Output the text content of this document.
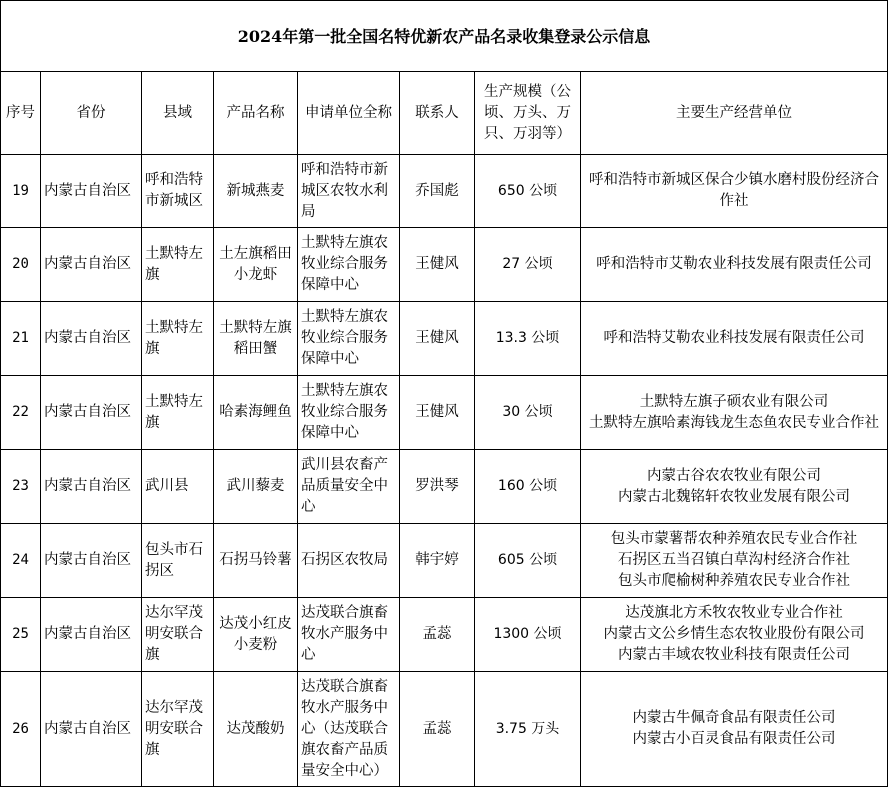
2024年第一批全国名特优新农产品名录收集登录公示信息							
序号	省份	县域	产品名称	申请单位全称	联系人	生产规模（公顷、万头、万只、万羽等）	主要生产经营单位
19	内蒙古自治区	呼和浩特市新城区	新城燕麦	呼和浩特市新城区农牧水利局	乔国彪	650 公顷	呼和浩特市新城区保合少镇水磨村股份经济合作社

20	内蒙古自治区	土默特左旗	土左旗稻田小龙虾	土默特左旗农牧业综合服务保障中心	王健风	27 公顷	呼和浩特市艾勒农业科技发展有限责任公司

21	内蒙古自治区	土默特左旗	土默特左旗稻田蟹	土默特左旗农牧业综合服务保障中心	王健风	13.3 公顷	呼和浩特艾勒农业科技发展有限责任公司

22	内蒙古自治区	土默特左旗	哈素海鲤鱼	土默特左旗农牧业综合服务保障中心	王健风	30 公顷	土默特左旗子硕农业有限公司
土默特左旗哈素海钱龙生态鱼农民专业合作社

23	内蒙古自治区	武川县	武川藜麦	武川县农畜产品质量安全中心	罗洪琴	160 公顷	内蒙古谷农农牧业有限公司
内蒙古北魏铭轩农牧业发展有限公司

24	内蒙古自治区	包头市石拐区	石拐马铃薯	石拐区农牧局	韩宇婷	605 公顷	包头市蒙薯帮农种养殖农民专业合作社
石拐区五当召镇白草沟村经济合作社
包头市爬榆树种养殖农民专业合作社

25	内蒙古自治区	达尔罕茂明安联合旗	达茂小红皮小麦粉	达茂联合旗畜牧水产服务中心	孟蕊	1300 公顷	达茂旗北方禾牧农牧业专业合作社
内蒙古文公乡情生态农牧业股份有限公司
内蒙古丰域农牧业科技有限责任公司

26	内蒙古自治区	达尔罕茂明安联合旗	达茂酸奶	达茂联合旗畜牧水产服务中心（达茂联合旗农畜产品质量安全中心）	孟蕊	3.75 万头	内蒙古牛佩奇食品有限责任公司
内蒙古小百灵食品有限责任公司
